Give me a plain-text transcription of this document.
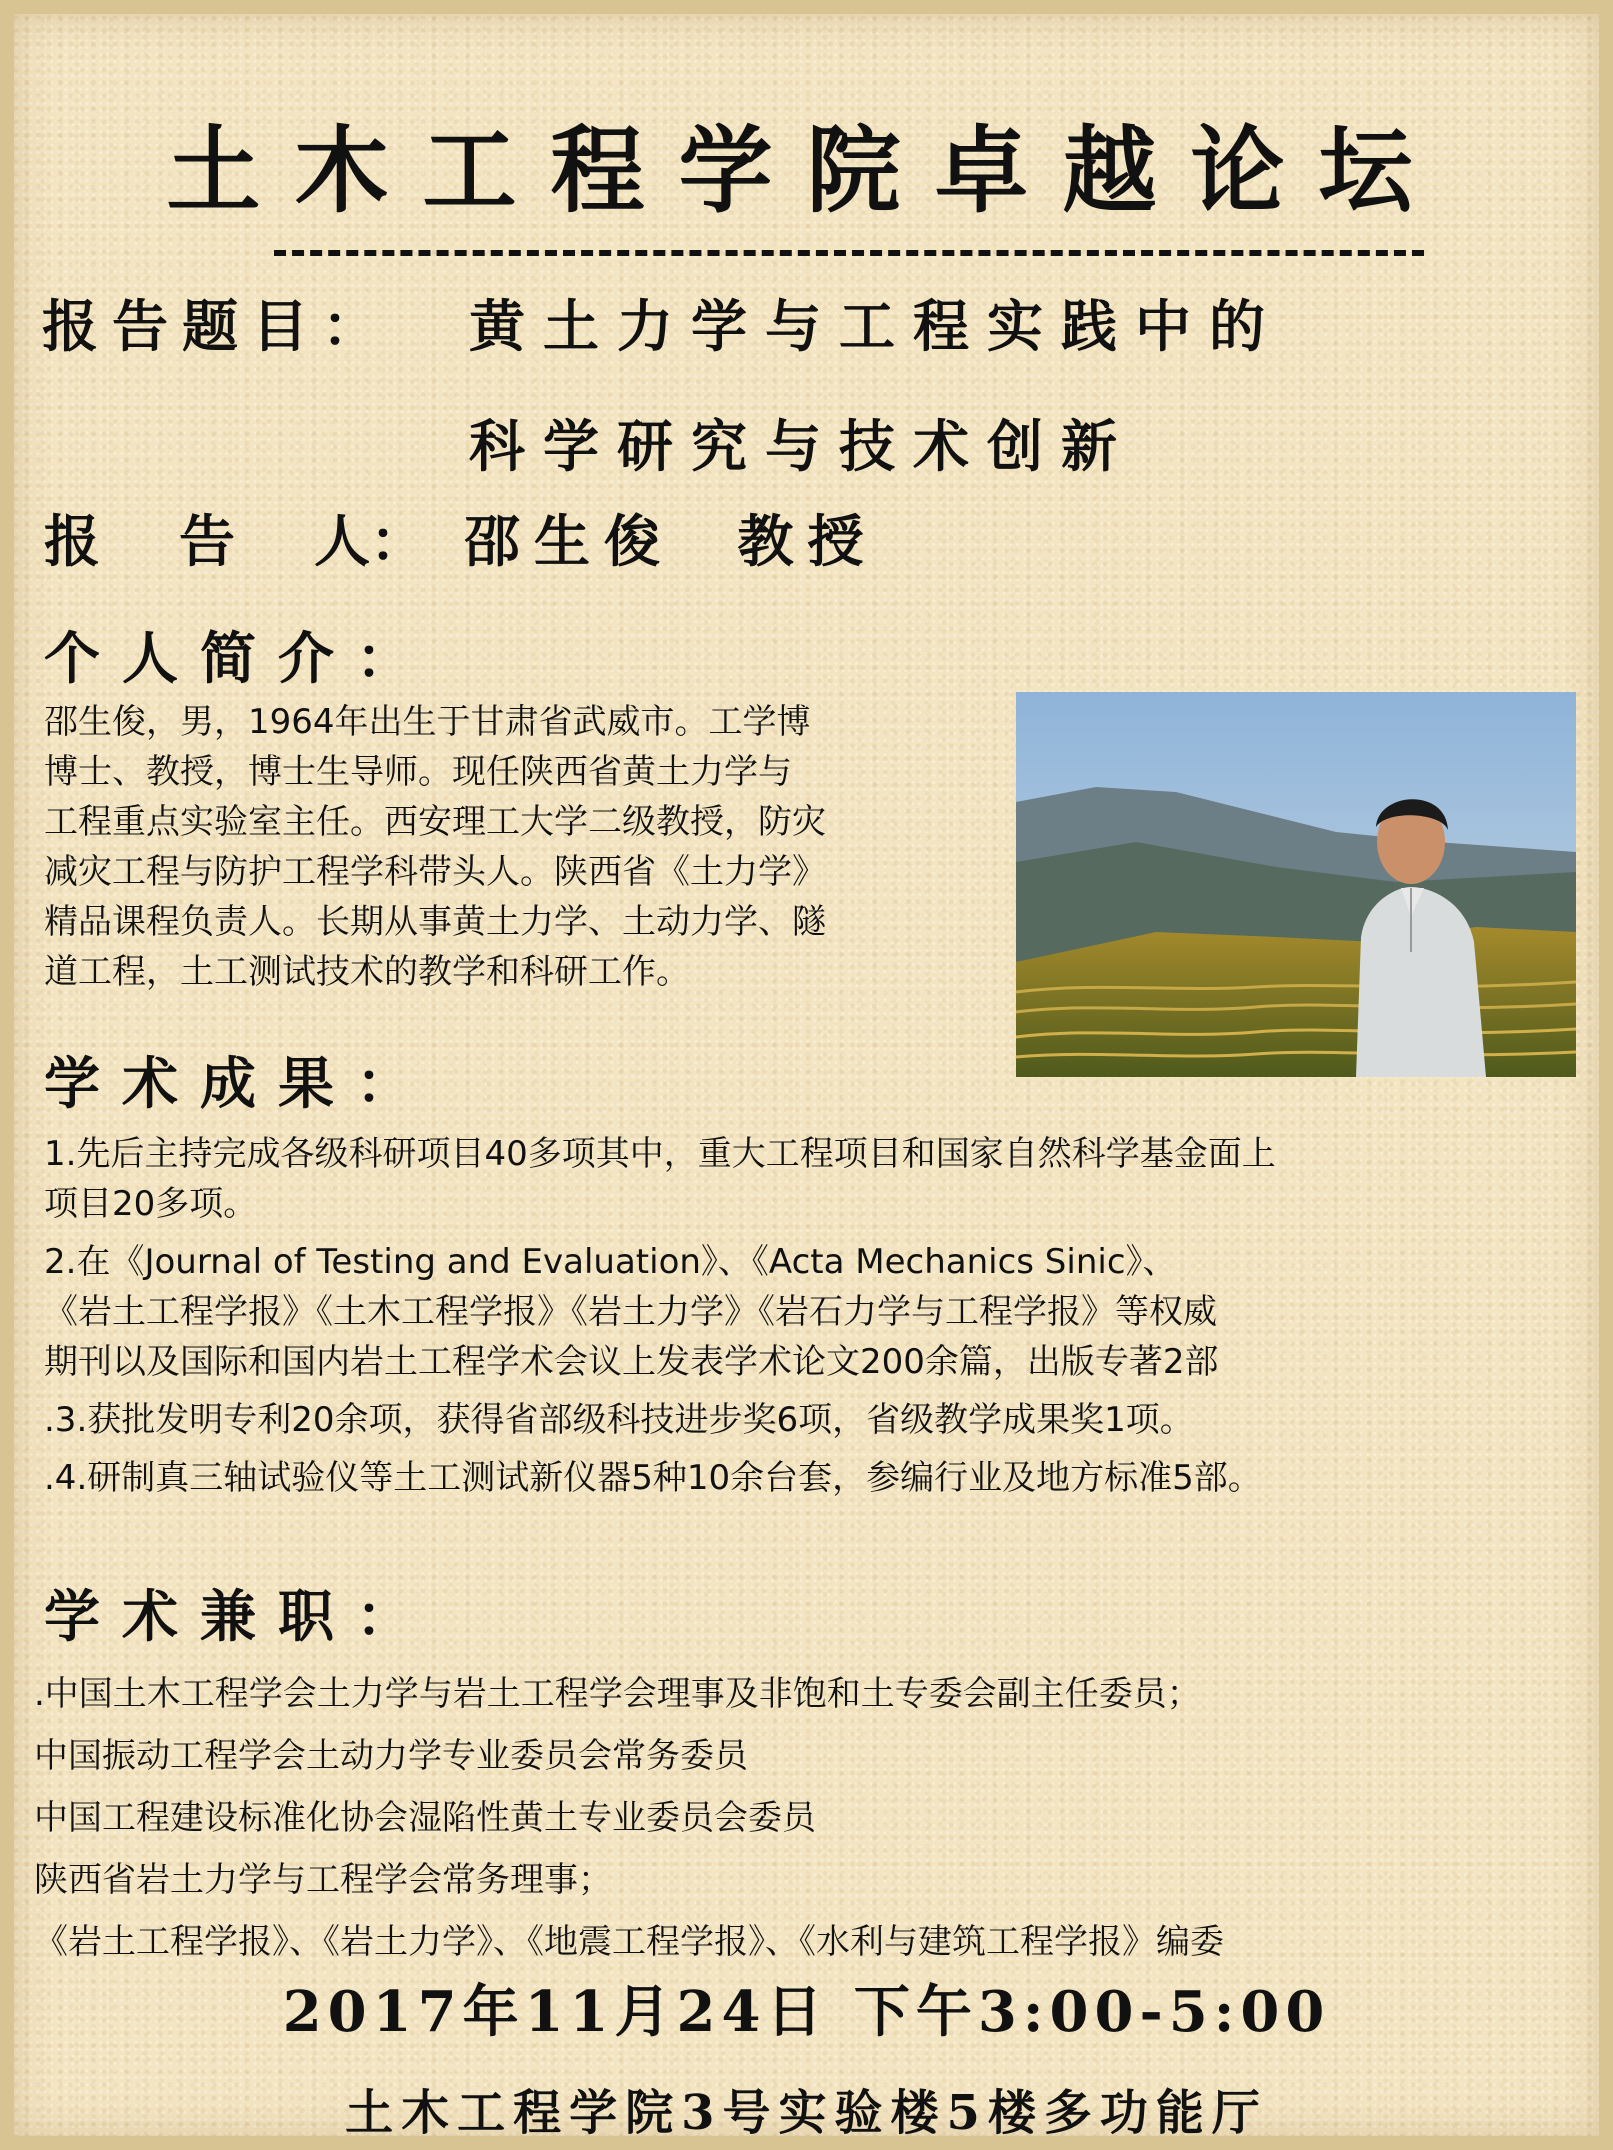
土木工程学院卓越论坛
报告题目： 黄土力学与工程实践中的
科学研究与技术创新
报 告 人： 邵生俊 教授
个人简介：
邵生俊，男，1964年出生于甘肃省武威市。工学博
博士、教授，博士生导师。现任陕西省黄土力学与
工程重点实验室主任。西安理工大学二级教授，防灾
减灾工程与防护工程学科带头人。陕西省《土力学》
精品课程负责人。长期从事黄土力学、土动力学、隧
道工程，土工测试技术的教学和科研工作。
学术成果：
1.先后主持完成各级科研项目40多项其中，重大工程项目和国家自然科学基金面上
项目20多项。
2.在《Journal of Testing and Evaluation》、《Acta Mechanics Sinic》、
《岩土工程学报》《土木工程学报》《岩土力学》《岩石力学与工程学报》等权威
期刊以及国际和国内岩土工程学术会议上发表学术论文200余篇，出版专著2部
.3.获批发明专利20余项，获得省部级科技进步奖6项，省级教学成果奖1项。
.4.研制真三轴试验仪等土工测试新仪器5种10余台套，参编行业及地方标准5部。
学术兼职：
.中国土木工程学会土力学与岩土工程学会理事及非饱和土专委会副主任委员；
中国振动工程学会土动力学专业委员会常务委员
中国工程建设标准化协会湿陷性黄土专业委员会委员
陕西省岩土力学与工程学会常务理事；
《岩土工程学报》、《岩土力学》、《地震工程学报》、《水利与建筑工程学报》编委
2017年11月24日 下午3:00-5:00
土木工程学院3号实验楼5楼多功能厅
